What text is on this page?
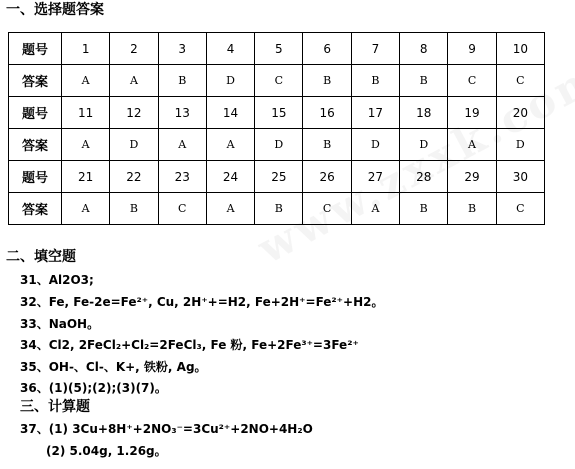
一、选择题答案
题号	1	2	3	4	5	6	7	8	9	10
答案	A	A	B	D	C	B	B	B	C	C
题号	11	12	13	14	15	16	17	18	19	20
答案	A	D	A	A	D	B	D	D	A	D
题号	21	22	23	24	25	26	27	28	29	30
答案	A	B	C	A	B	C	A	B	B	C
二、填空题
31、Al2O3;
32、Fe, Fe-2e=Fe²⁺, Cu, 2H⁺+=H2, Fe+2H⁺=Fe²⁺+H2。
33、NaOH。
34、Cl2, 2FeCl₂+Cl₂=2FeCl₃, Fe 粉, Fe+2Fe³⁺=3Fe²⁺
35、OH-、Cl-、K+, 铁粉, Ag。
36、(1)(5);(2);(3)(7)。
三、计算题
37、(1) 3Cu+8H⁺+2NO₃⁻=3Cu²⁺+2NO+4H₂O
(2) 5.04g, 1.26g。
